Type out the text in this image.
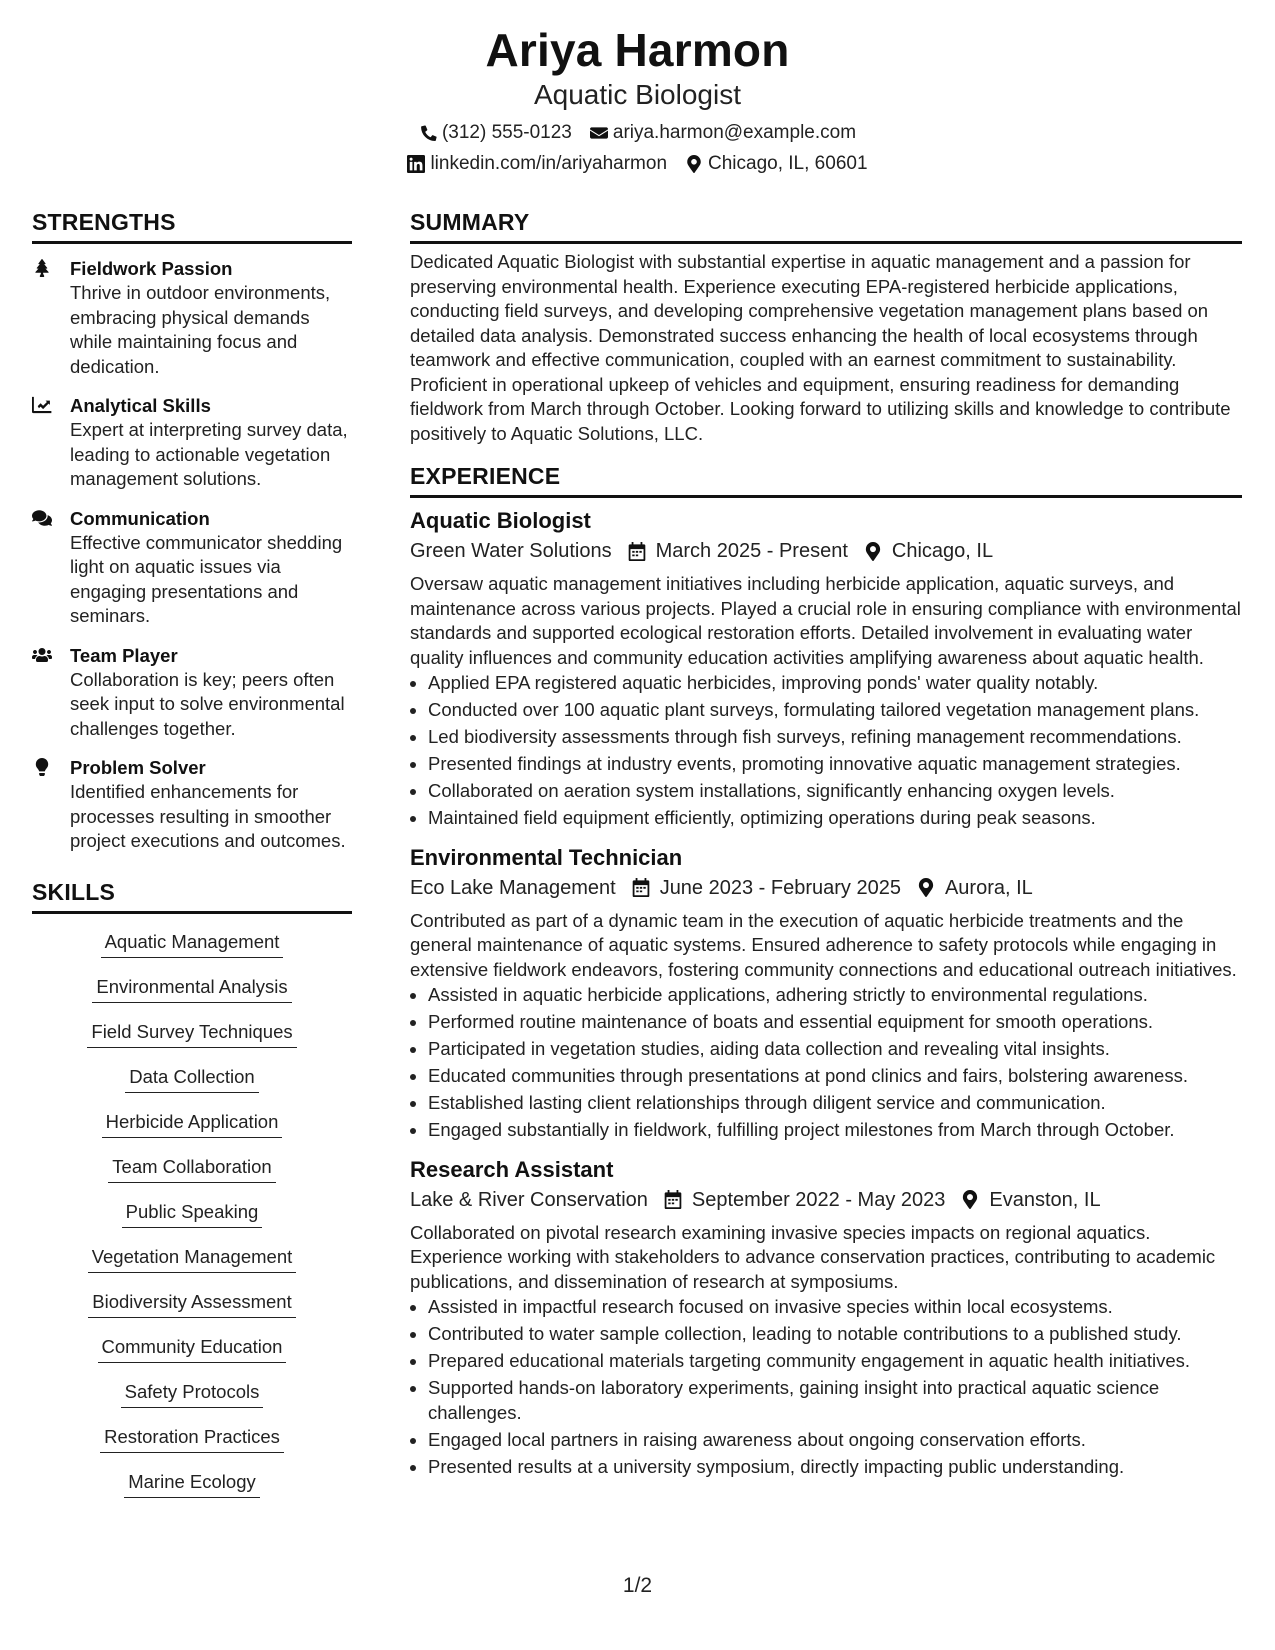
Ariya Harmon
Aquatic Biologist
(312) 555-0123 ariya.harmon@example.com
linkedin.com/in/ariyaharmon Chicago, IL, 60601
STRENGTHS
Fieldwork Passion
Thrive in outdoor environments, embracing physical demands while maintaining focus and dedication.
Analytical Skills
Expert at interpreting survey data, leading to actionable vegetation management solutions.
Communication
Effective communicator shedding light on aquatic issues via engaging presentations and seminars.
Team Player
Collaboration is key; peers often seek input to solve environmental challenges together.
Problem Solver
Identified enhancements for processes resulting in smoother project executions and outcomes.
SKILLS
Aquatic Management
Environmental Analysis
Field Survey Techniques
Data Collection
Herbicide Application
Team Collaboration
Public Speaking
Vegetation Management
Biodiversity Assessment
Community Education
Safety Protocols
Restoration Practices
Marine Ecology
SUMMARY
Dedicated Aquatic Biologist with substantial expertise in aquatic management and a passion for preserving environmental health. Experience executing EPA-registered herbicide applications, conducting field surveys, and developing comprehensive vegetation management plans based on detailed data analysis. Demonstrated success enhancing the health of local ecosystems through teamwork and effective communication, coupled with an earnest commitment to sustainability. Proficient in operational upkeep of vehicles and equipment, ensuring readiness for demanding fieldwork from March through October. Looking forward to utilizing skills and knowledge to contribute positively to Aquatic Solutions, LLC.
EXPERIENCE
Aquatic Biologist
Green Water Solutions March 2025 - Present Chicago, IL
Oversaw aquatic management initiatives including herbicide application, aquatic surveys, and maintenance across various projects. Played a crucial role in ensuring compliance with environmental standards and supported ecological restoration efforts. Detailed involvement in evaluating water quality influences and community education activities amplifying awareness about aquatic health.
• Applied EPA registered aquatic herbicides, improving ponds' water quality notably.
• Conducted over 100 aquatic plant surveys, formulating tailored vegetation management plans.
• Led biodiversity assessments through fish surveys, refining management recommendations.
• Presented findings at industry events, promoting innovative aquatic management strategies.
• Collaborated on aeration system installations, significantly enhancing oxygen levels.
• Maintained field equipment efficiently, optimizing operations during peak seasons.
Environmental Technician
Eco Lake Management June 2023 - February 2025 Aurora, IL
Contributed as part of a dynamic team in the execution of aquatic herbicide treatments and the general maintenance of aquatic systems. Ensured adherence to safety protocols while engaging in extensive fieldwork endeavors, fostering community connections and educational outreach initiatives.
• Assisted in aquatic herbicide applications, adhering strictly to environmental regulations.
• Performed routine maintenance of boats and essential equipment for smooth operations.
• Participated in vegetation studies, aiding data collection and revealing vital insights.
• Educated communities through presentations at pond clinics and fairs, bolstering awareness.
• Established lasting client relationships through diligent service and communication.
• Engaged substantially in fieldwork, fulfilling project milestones from March through October.
Research Assistant
Lake & River Conservation September 2022 - May 2023 Evanston, IL
Collaborated on pivotal research examining invasive species impacts on regional aquatics. Experience working with stakeholders to advance conservation practices, contributing to academic publications, and dissemination of research at symposiums.
• Assisted in impactful research focused on invasive species within local ecosystems.
• Contributed to water sample collection, leading to notable contributions to a published study.
• Prepared educational materials targeting community engagement in aquatic health initiatives.
• Supported hands-on laboratory experiments, gaining insight into practical aquatic science challenges.
• Engaged local partners in raising awareness about ongoing conservation efforts.
• Presented results at a university symposium, directly impacting public understanding.
1/2
